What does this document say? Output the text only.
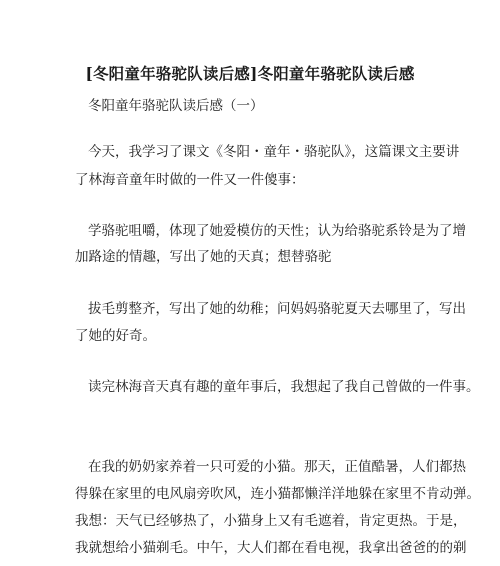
[冬阳童年骆驼队读后感]冬阳童年骆驼队读后感
冬阳童年骆驼队读后感（一）
今天，我学习了课文《冬阳・童年・骆驼队》，这篇课文主要讲
了林海音童年时做的一件又一件傻事：
学骆驼咀嚼，体现了她爱模仿的天性；认为给骆驼系铃是为了增
加路途的情趣，写出了她的天真；想替骆驼
拔毛剪整齐，写出了她的幼稚；问妈妈骆驼夏天去哪里了，写出
了她的好奇。
读完林海音天真有趣的童年事后，我想起了我自己曾做的一件事。
在我的奶奶家养着一只可爱的小猫。那天，正值酷暑，人们都热
得躲在家里的电风扇旁吹风，连小猫都懒洋洋地躲在家里不肯动弹。
我想：天气已经够热了，小猫身上又有毛遮着，肯定更热。于是，
我就想给小猫剃毛。中午，大人们都在看电视，我拿出爸爸的的剃
